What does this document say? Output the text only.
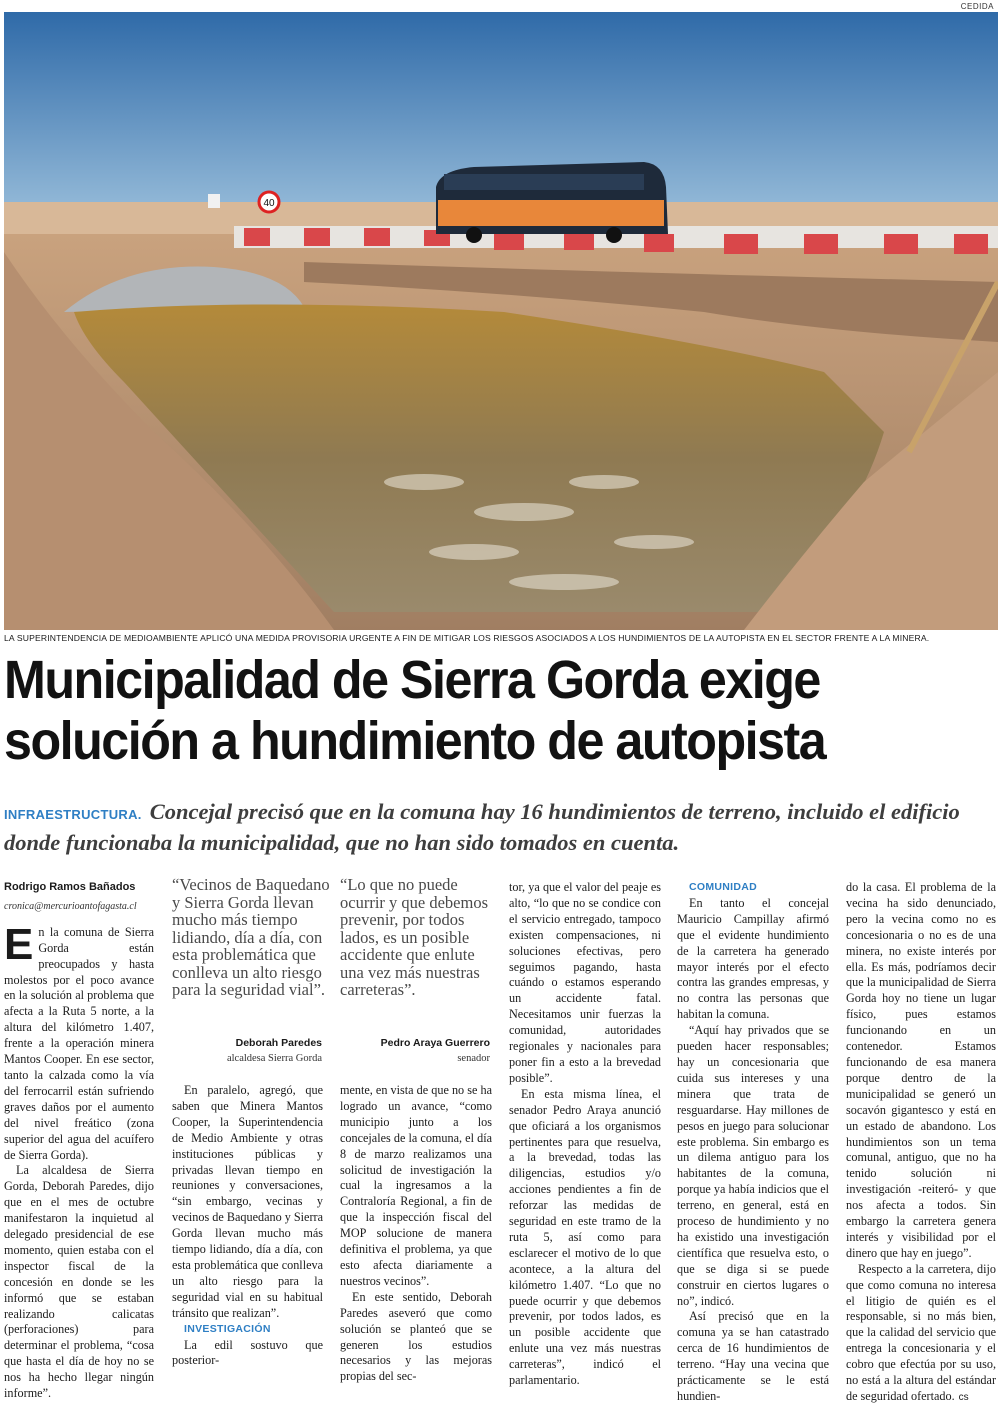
CEDIDA
40
LA SUPERINTENDENCIA DE MEDIOAMBIENTE APLICÓ UNA MEDIDA PROVISORIA URGENTE A FIN DE MITIGAR LOS RIESGOS ASOCIADOS A LOS HUNDIMIENTOS DE LA AUTOPISTA EN EL SECTOR FRENTE A LA MINERA.
Municipalidad de Sierra Gorda exige
solución a hundimiento de autopista

INFRAESTRUCTURA. Concejal precisó que en la comuna hay 16 hundimientos de terreno, incluido el edificio donde funcionaba la municipalidad, que no han sido tomados en cuenta.

Rodrigo Ramos Bañados
cronica@mercurioantofagasta.cl

En la comuna de Sierra Gorda están preocupados y hasta molestos por el poco avance en la solución al problema que afecta a la Ruta 5 norte, a la altura del kilómetro 1.407, frente a la operación minera Mantos Cooper. En ese sector, tanto la calzada como la vía del ferrocarril están sufriendo graves daños por el aumento del nivel freático (zona superior del agua del acuífero de Sierra Gorda).

La alcaldesa de Sierra Gorda, Deborah Paredes, dijo que en el mes de octubre manifestaron la inquietud al delegado presidencial de ese momento, quien estaba con el inspector fiscal de la concesión en donde se les informó que se estaban realizando calicatas (perforaciones) para determinar el problema, “cosa que hasta el día de hoy no se nos ha hecho llegar ningún informe”.

“Vecinos de Baquedano y Sierra Gorda llevan mucho más tiempo lidiando, día a día, con esta problemática que conlleva un alto riesgo para la seguridad vial”.
Deborah Paredes
alcaldesa Sierra Gorda
“Lo que no puede ocurrir y que debemos prevenir, por todos lados, es un posible accidente que enlute una vez más nuestras carreteras”.
Pedro Araya Guerrero
senador

En paralelo, agregó, que saben que Minera Mantos Cooper, la Superintendencia de Medio Ambiente y otras instituciones públicas y privadas llevan tiempo en reuniones y conversaciones, “sin embargo, vecinas y vecinos de Baquedano y Sierra Gorda llevan mucho más tiempo lidiando, día a día, con esta problemática que conlleva un alto riesgo para la seguridad vial en su habitual tránsito que realizan”.

INVESTIGACIÓN

La edil sostuvo que posterior-

mente, en vista de que no se ha logrado un avance, “como municipio junto a los concejales de la comuna, el día 8 de marzo realizamos una solicitud de investigación la cual la ingresamos a la Contraloría Regional, a fin de que la inspección fiscal del MOP solucione de manera definitiva el problema, ya que esto afecta diariamente a nuestros vecinos”.

En este sentido, Deborah Paredes aseveró que como solución se planteó que se generen los estudios necesarios y las mejoras propias del sec-

tor, ya que el valor del peaje es alto, “lo que no se condice con el servicio entregado, tampoco existen compensaciones, ni soluciones efectivas, pero seguimos pagando, hasta cuándo o estamos esperando un accidente fatal. Necesitamos unir fuerzas la comunidad, autoridades regionales y nacionales para poner fin a esto a la brevedad posible”.

En esta misma línea, el senador Pedro Araya anunció que oficiará a los organismos pertinentes para que resuelva, a la brevedad, todas las diligencias, estudios y/o acciones pendientes a fin de reforzar las medidas de seguridad en este tramo de la ruta 5, así como para esclarecer el motivo de lo que acontece, a la altura del kilómetro 1.407. “Lo que no puede ocurrir y que debemos prevenir, por todos lados, es un posible accidente que enlute una vez más nuestras carreteras”, indicó el parlamentario.

COMUNIDAD

En tanto el concejal Mauricio Campillay afirmó que el evidente hundimiento de la carretera ha generado mayor interés por el efecto contra las grandes empresas, y no contra las personas que habitan la comuna.

“Aquí hay privados que se pueden hacer responsables; hay un concesionaria que cuida sus intereses y una minera que trata de resguardarse. Hay millones de pesos en juego para solucionar este problema. Sin embargo es un dilema antiguo para los habitantes de la comuna, porque ya había indicios que el terreno, en general, está en proceso de hundimiento y no ha existido una investigación científica que resuelva esto, o que se diga si se puede construir en ciertos lugares o no”, indicó.

Así precisó que en la comuna ya se han catastrado cerca de 16 hundimientos de terreno. “Hay una vecina que prácticamente se le está hundien-

do la casa. El problema de la vecina ha sido denunciado, pero la vecina como no es concesionaria o no es de una minera, no existe interés por ella. Es más, podríamos decir que la municipalidad de Sierra Gorda hoy no tiene un lugar físico, pues estamos funcionando en un contenedor. Estamos funcionando de esa manera porque dentro de la municipalidad se generó un socavón gigantesco y está en un estado de abandono. Los hundimientos son un tema comunal, antiguo, que no ha tenido solución ni investigación -reiteró- y que nos afecta a todos. Sin embargo la carretera genera interés y visibilidad por el dinero que hay en juego”.

Respecto a la carretera, dijo que como comuna no interesa el litigio de quién es el responsable, si no más bien, que la calidad del servicio que entrega la concesionaria y el cobro que efectúa por su uso, no está a la altura del estándar de seguridad ofertado. cs
